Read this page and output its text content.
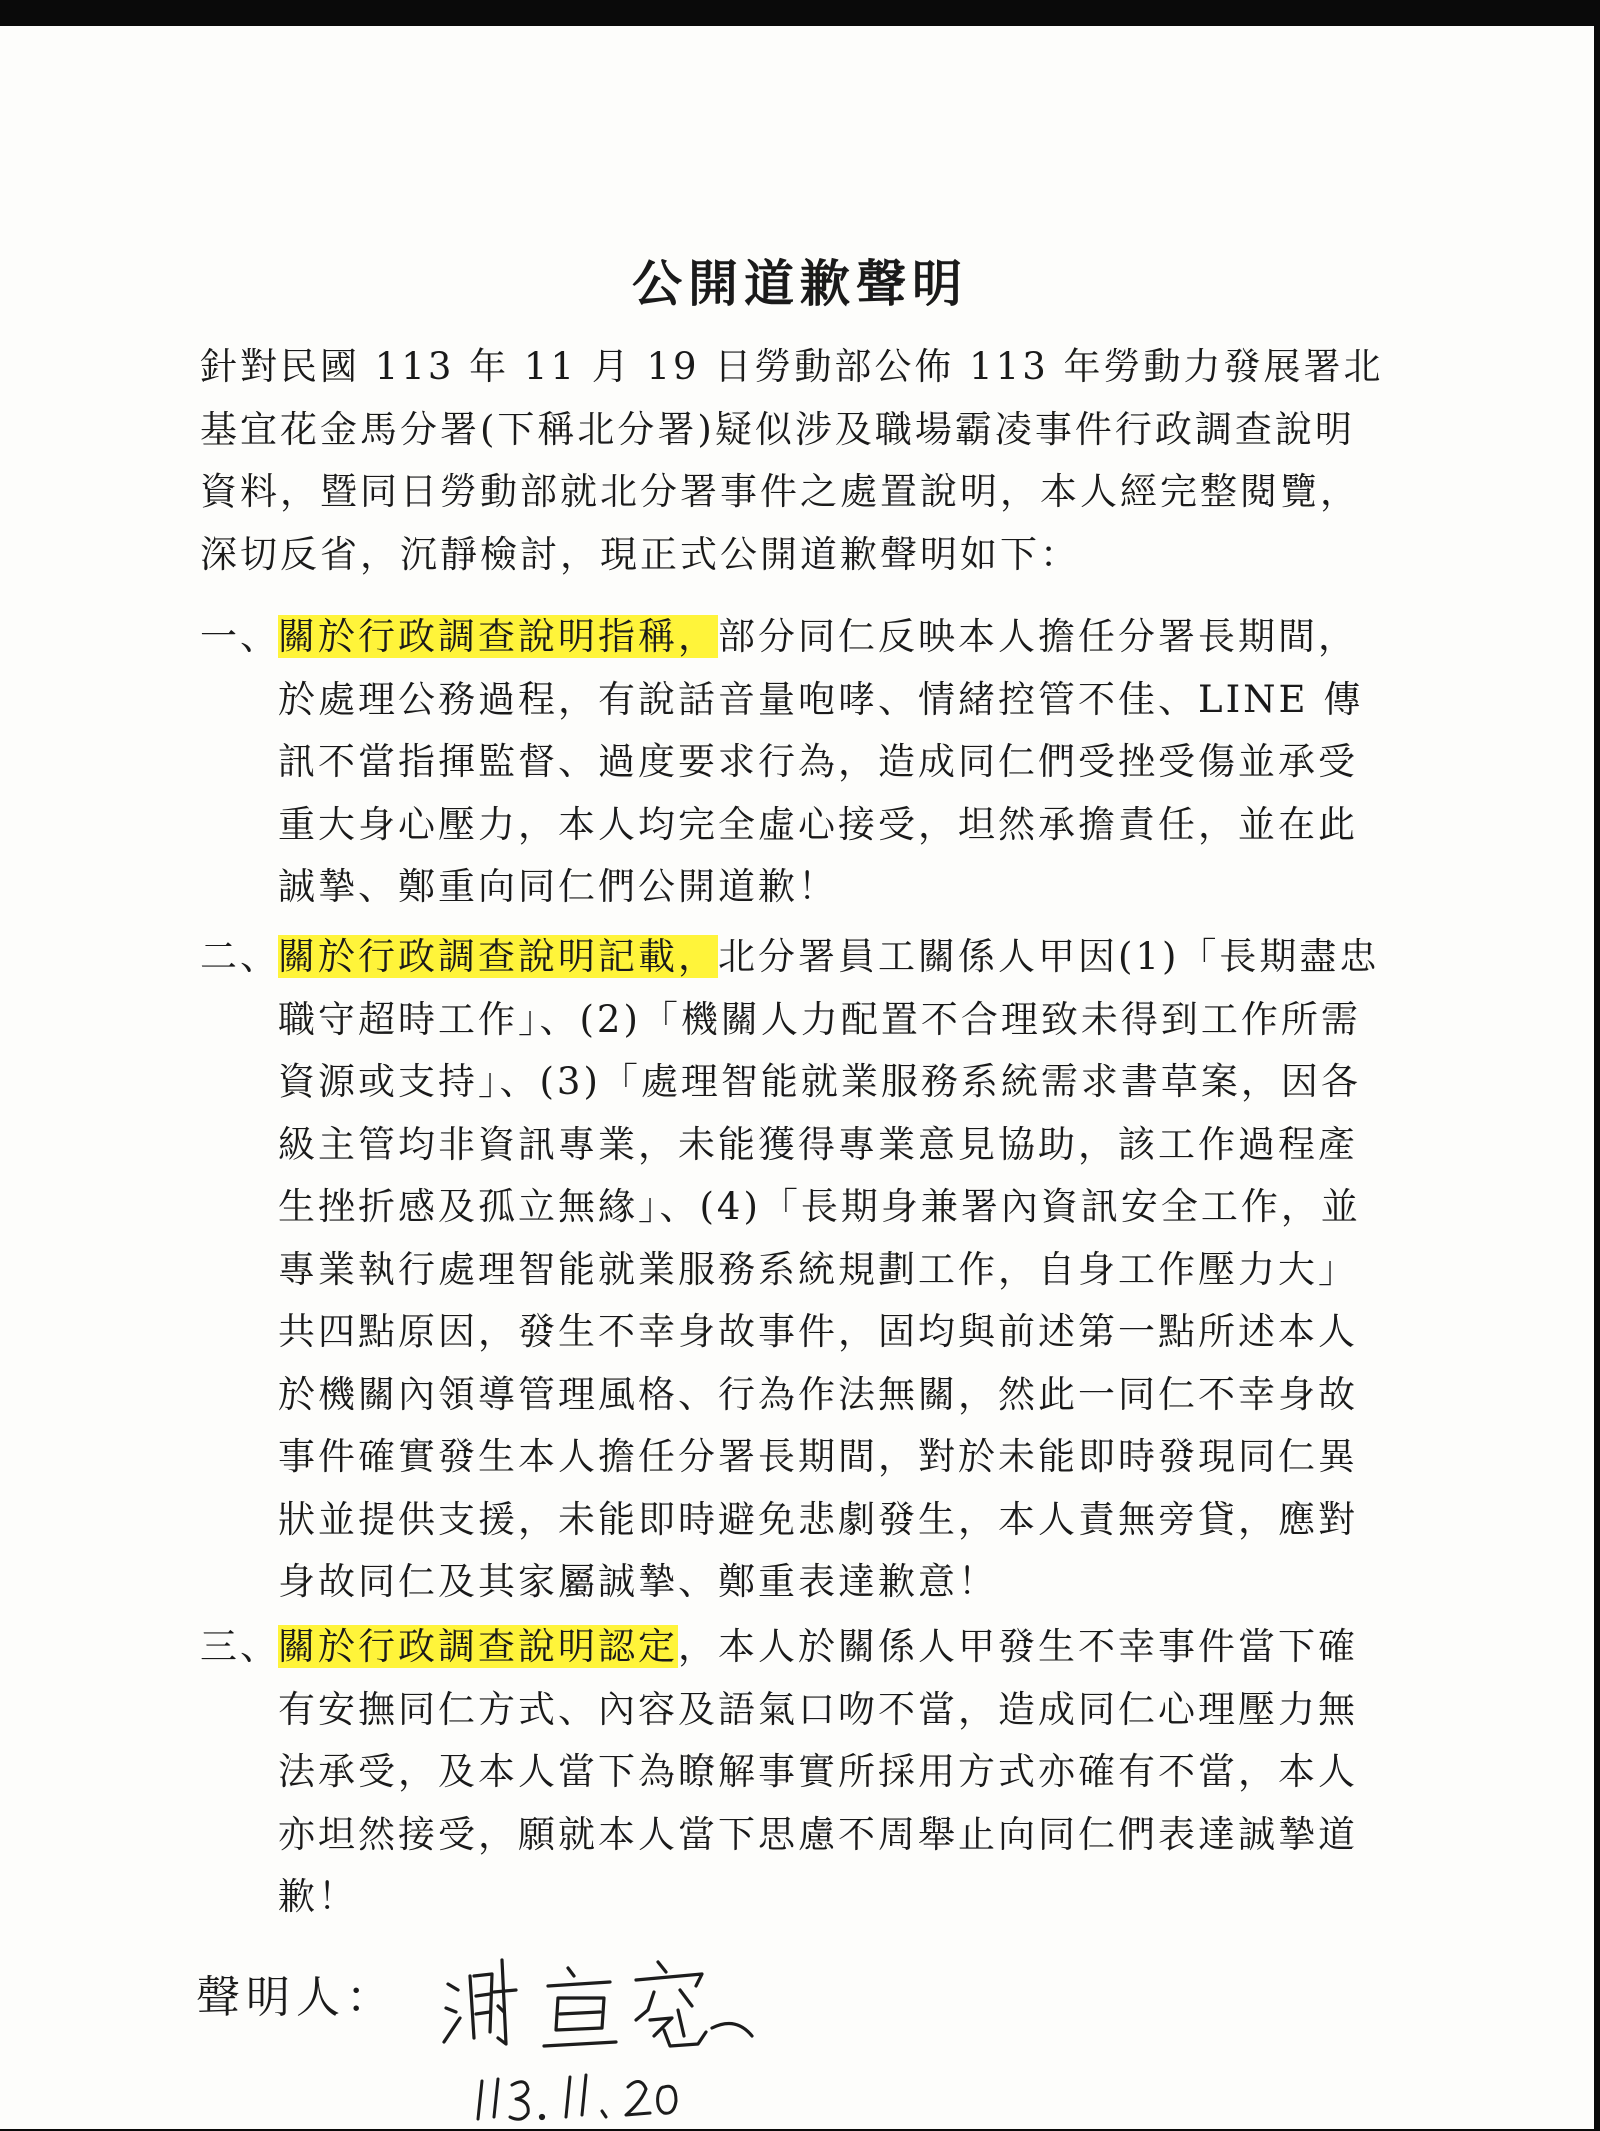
公開道歉聲明
針對民國 113 年 11 月 19 日勞動部公佈 113 年勞動力發展署北基宜花金馬分署(下稱北分署)疑似涉及職場霸凌事件行政調查說明資料，暨同日勞動部就北分署事件之處置說明，本人經完整閱覽，深切反省，沉靜檢討，現正式公開道歉聲明如下：
一、
關於行政調查說明指稱，部分同仁反映本人擔任分署長期間，於處理公務過程，有說話音量咆哮、情緒控管不佳、LINE 傳訊不當指揮監督、過度要求行為，造成同仁們受挫受傷並承受重大身心壓力，本人均完全虛心接受，坦然承擔責任，並在此誠摯、鄭重向同仁們公開道歉！
二、
關於行政調查說明記載，北分署員工關係人甲因(1)「長期盡忠職守超時工作」、(2)「機關人力配置不合理致未得到工作所需資源或支持」、(3)「處理智能就業服務系統需求書草案，因各級主管均非資訊專業，未能獲得專業意見協助，該工作過程產生挫折感及孤立無緣」、(4)「長期身兼署內資訊安全工作，並專業執行處理智能就業服務系統規劃工作，自身工作壓力大」共四點原因，發生不幸身故事件，固均與前述第一點所述本人於機關內領導管理風格、行為作法無關，然此一同仁不幸身故事件確實發生本人擔任分署長期間，對於未能即時發現同仁異狀並提供支援，未能即時避免悲劇發生，本人責無旁貸，應對身故同仁及其家屬誠摯、鄭重表達歉意！
三、
關於行政調查說明認定，本人於關係人甲發生不幸事件當下確有安撫同仁方式、內容及語氣口吻不當，造成同仁心理壓力無法承受，及本人當下為瞭解事實所採用方式亦確有不當，本人亦坦然接受，願就本人當下思慮不周舉止向同仁們表達誠摯道歉！
聲明人：
